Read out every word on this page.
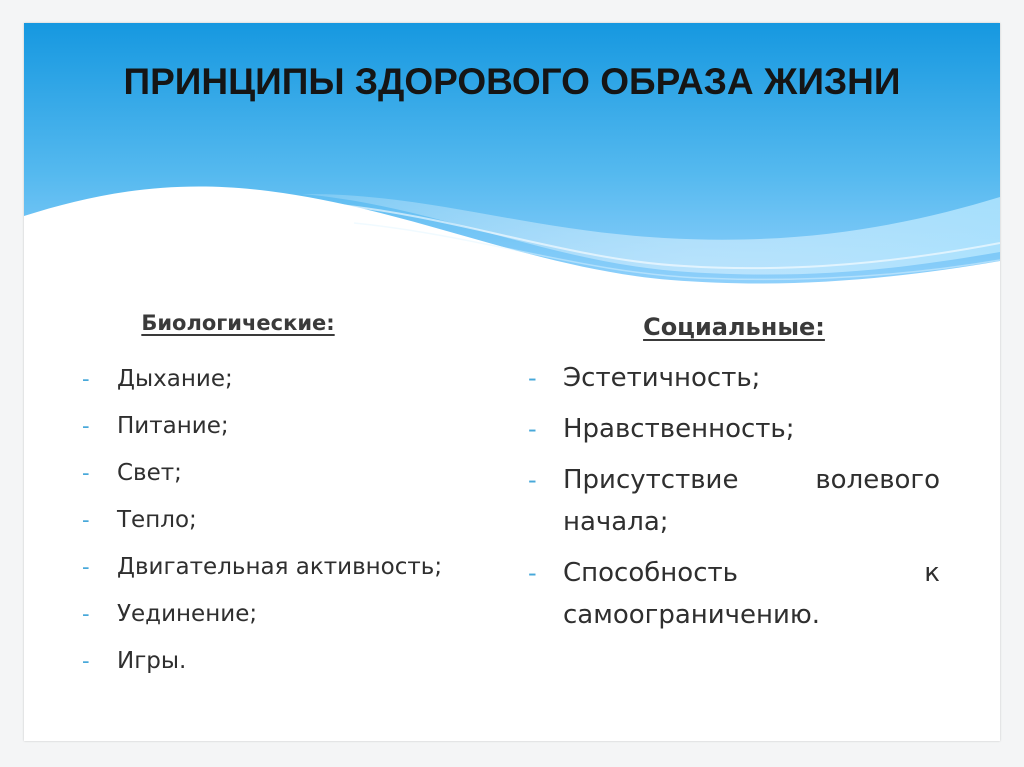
ПРИНЦИПЫ ЗДОРОВОГО ОБРАЗА ЖИЗНИ
Биологические:
- Дыхание;
- Питание;
- Свет;
- Тепло;
- Двигательная активность;
- Уединение;
- Игры.
Социальные:
- Эстетичность;
- Нравственность;
- Присутствие волевого начала;
- Способность к самоограничению.
